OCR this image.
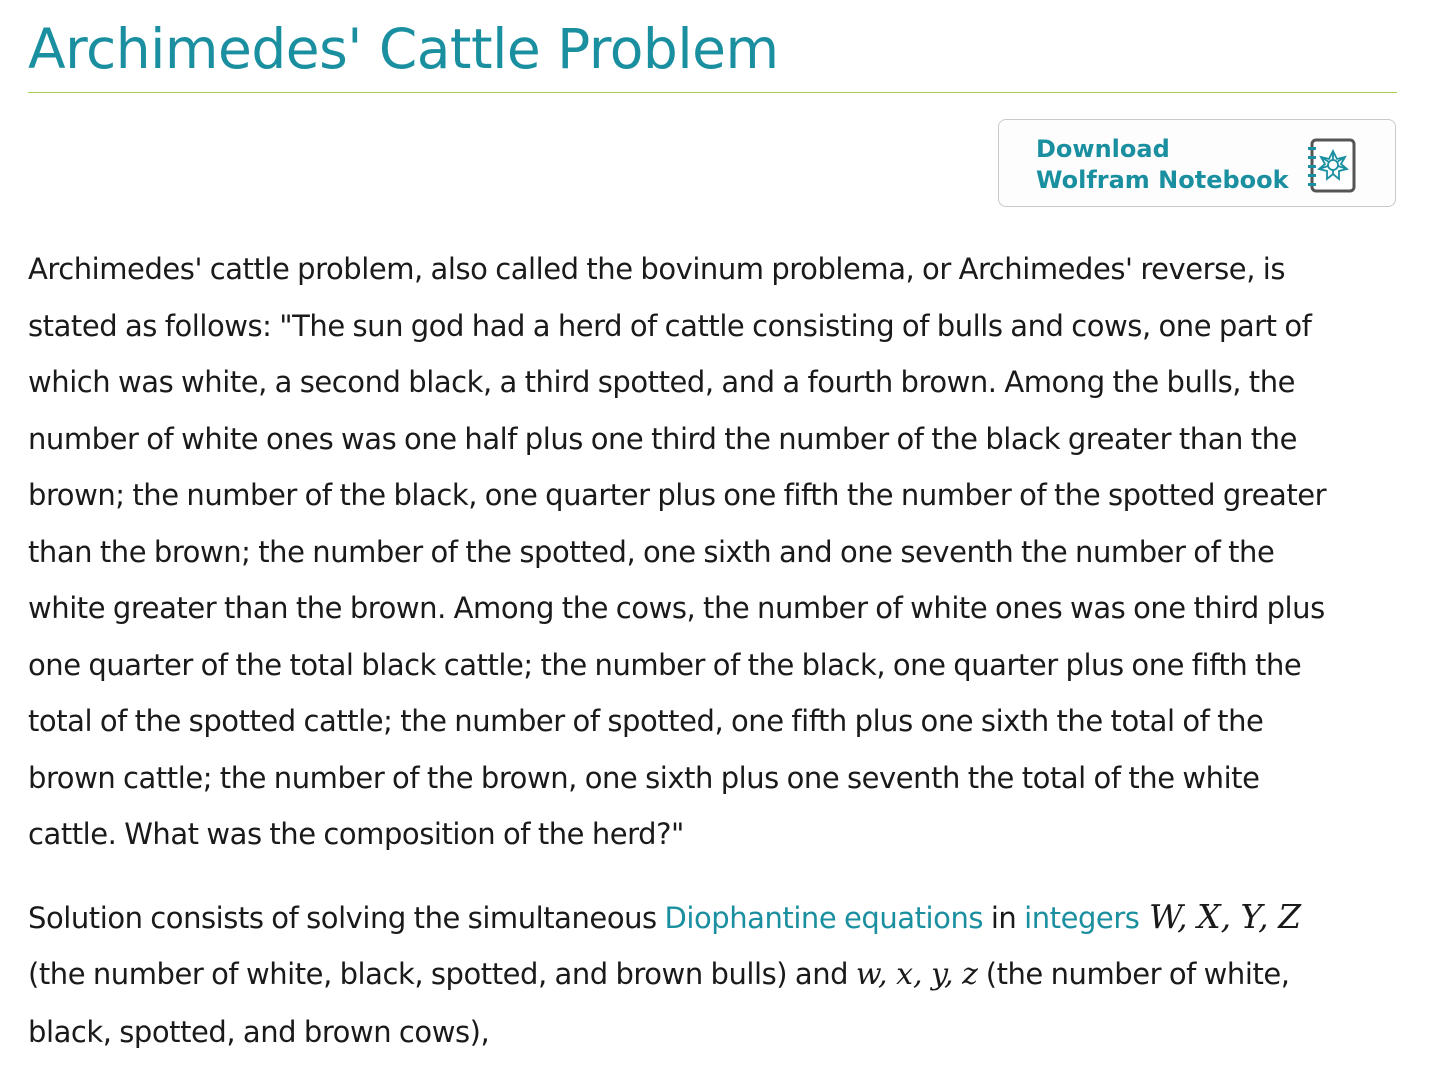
Archimedes' Cattle Problem
Download
Wolfram Notebook

Archimedes' cattle problem, also called the bovinum problema, or Archimedes' reverse, is
stated as follows: "The sun god had a herd of cattle consisting of bulls and cows, one part of
which was white, a second black, a third spotted, and a fourth brown. Among the bulls, the
number of white ones was one half plus one third the number of the black greater than the
brown; the number of the black, one quarter plus one fifth the number of the spotted greater
than the brown; the number of the spotted, one sixth and one seventh the number of the
white greater than the brown. Among the cows, the number of white ones was one third plus
one quarter of the total black cattle; the number of the black, one quarter plus one fifth the
total of the spotted cattle; the number of spotted, one fifth plus one sixth the total of the
brown cattle; the number of the brown, one sixth plus one seventh the total of the white
cattle. What was the composition of the herd?"

Solution consists of solving the simultaneous Diophantine equations in integers W, X, Y, Z
(the number of white, black, spotted, and brown bulls) and w, x, y, z (the number of white,
black, spotted, and brown cows),
